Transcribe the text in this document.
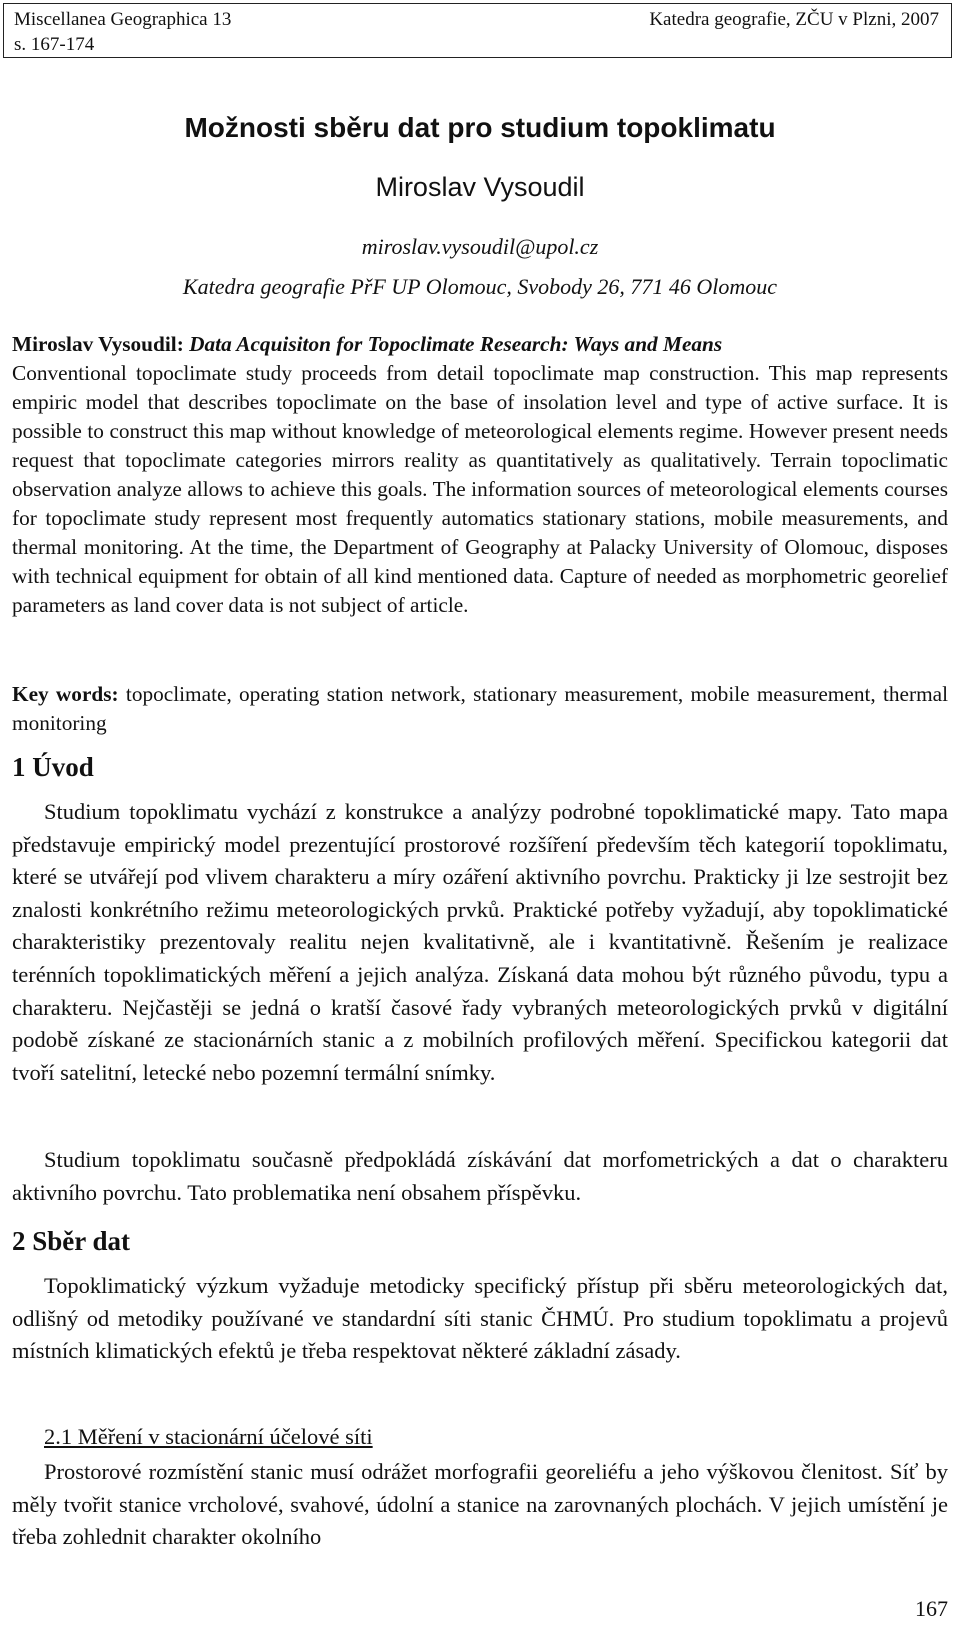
Miscellanea Geographica 13
s. 167-174
Katedra geografie, ZČU v Plzni, 2007
Možnosti sběru dat pro studium topoklimatu
Miroslav Vysoudil
miroslav.vysoudil@upol.cz
Katedra geografie PřF UP Olomouc, Svobody 26, 771 46 Olomouc
Miroslav Vysoudil: Data Acquisiton for Topoclimate Research: Ways and Means
Conventional topoclimate study proceeds from detail topoclimate map construction. This map represents empiric model that describes topoclimate on the base of insolation level and type of active surface. It is possible to construct this map without knowledge of meteorological elements regime. However present needs request that topoclimate categories mirrors reality as quantitatively as qualitatively. Terrain topoclimatic observation analyze allows to achieve this goals. The information sources of meteorological elements courses for topoclimate study represent most frequently automatics stationary stations, mobile measurements, and thermal monitoring. At the time, the Department of Geography at Palacky University of Olomouc, disposes with technical equipment for obtain of all kind mentioned data. Capture of needed as morphometric georelief parameters as land cover data is not subject of article.
Key words: topoclimate, operating station network, stationary measurement, mobile measurement, thermal monitoring
1 Úvod

Studium topoklimatu vychází z konstrukce a analýzy podrobné topoklimatické mapy. Tato mapa představuje empirický model prezentující prostorové rozšíření především těch kategorií topoklimatu, které se utvářejí pod vlivem charakteru a míry ozáření aktivního povrchu. Prakticky ji lze sestrojit bez znalosti konkrétního režimu meteorologických prvků. Praktické potřeby vyžadují, aby topoklimatické charakteristiky prezentovaly realitu nejen kvalitativně, ale i kvantitativně. Řešením je realizace terénních topoklimatických měření a jejich analýza. Získaná data mohou být různého původu, typu a charakteru. Nejčastěji se jedná o kratší časové řady vybraných meteorologických prvků v digitální podobě získané ze stacionárních stanic a z mobilních profilových měření. Specifickou kategorii dat tvoří satelitní, letecké nebo pozemní termální snímky.

Studium topoklimatu současně předpokládá získávání dat morfometrických a dat o charakteru aktivního povrchu. Tato problematika není obsahem příspěvku.

2 Sběr dat

Topoklimatický výzkum vyžaduje metodicky specifický přístup při sběru meteorologických dat, odlišný od metodiky používané ve standardní síti stanic ČHMÚ. Pro studium topoklimatu a projevů místních klimatických efektů je třeba respektovat některé základní zásady.

2.1 Měření v stacionární účelové síti

Prostorové rozmístění stanic musí odrážet morfografii georeliéfu a jeho výškovou členitost. Síť by měly tvořit stanice vrcholové, svahové, údolní a stanice na zarovnaných plochách. V jejich umístění je třeba zohlednit charakter okolního

167
